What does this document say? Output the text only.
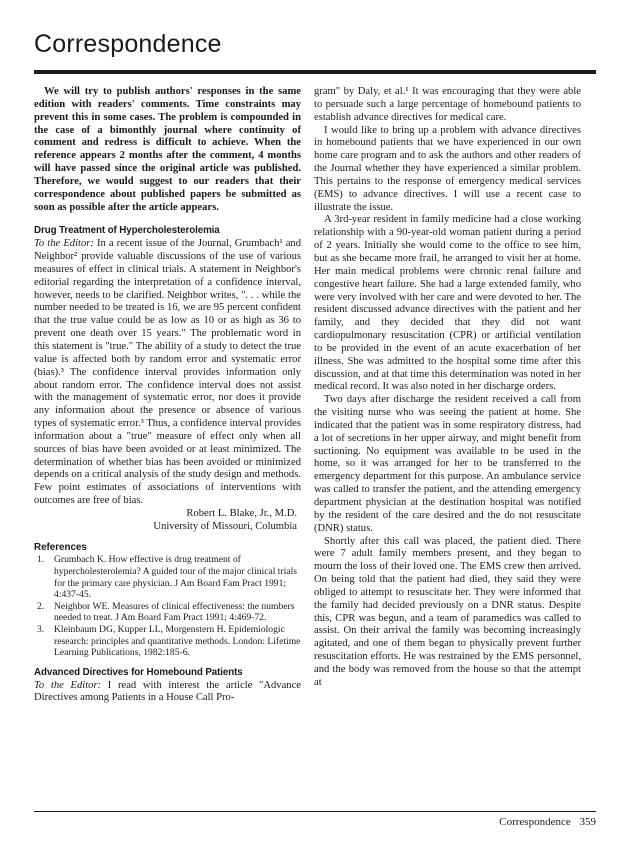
Correspondence

We will try to publish authors' responses in the same edition with readers' comments. Time constraints may prevent this in some cases. The problem is compounded in the case of a bimonthly journal where continuity of comment and redress is difficult to achieve. When the reference appears 2 months after the comment, 4 months will have passed since the original article was published. Therefore, we would suggest to our readers that their correspondence about published papers be submitted as soon as possible after the article appears.

Drug Treatment of Hypercholesterolemia

To the Editor: In a recent issue of the Journal, Grumbach¹ and Neighbor² provide valuable discussions of the use of various measures of effect in clinical trials. A statement in Neighbor's editorial regarding the interpretation of a confidence interval, however, needs to be clarified. Neighbor writes, ". . . while the number needed to be treated is 16, we are 95 percent confident that the true value could be as low as 10 or as high as 36 to prevent one death over 15 years." The problematic word in this statement is "true." The ability of a study to detect the true value is affected both by random error and systematic error (bias).³ The confidence interval provides information only about random error. The confidence interval does not assist with the management of systematic error, nor does it provide any information about the presence or absence of various types of systematic error.³ Thus, a confidence interval provides information about a "true" measure of effect only when all sources of bias have been avoided or at least minimized. The determination of whether bias has been avoided or minimized depends on a critical analysis of the study design and methods. Few point estimates of associations of interventions with outcomes are free of bias.

Robert L. Blake, Jr., M.D.
University of Missouri, Columbia
References
1. Grumbach K. How effective is drug treatment of hypercholesterolemia? A guided tour of the major clinical trials for the primary care physician. J Am Board Fam Pract 1991; 4:437-45.
2. Neighbor WE. Measures of clinical effectiveness: the numbers needed to treat. J Am Board Fam Pract 1991; 4:469-72.
3. Kleinbaum DG, Kupper LL, Morgenstern H. Epidemiologic research: principles and quantitative methods. London: Lifetime Learning Publications, 1982:185-6.
Advanced Directives for Homebound Patients

To the Editor: I read with interest the article "Advance Directives among Patients in a House Call Pro-

gram" by Daly, et al.¹ It was encouraging that they were able to persuade such a large percentage of homebound patients to establish advance directives for medical care.

I would like to bring up a problem with advance directives in homebound patients that we have experienced in our own home care program and to ask the authors and other readers of the Journal whether they have experienced a similar problem. This pertains to the response of emergency medical services (EMS) to advance directives. I will use a recent case to illustrate the issue.

A 3rd-year resident in family medicine had a close working relationship with a 90-year-old woman patient during a period of 2 years. Initially she would come to the office to see him, but as she became more frail, he arranged to visit her at home. Her main medical problems were chronic renal failure and congestive heart failure. She had a large extended family, who were very involved with her care and were devoted to her. The resident discussed advance directives with the patient and her family, and they decided that they did not want cardiopulmonary resuscitation (CPR) or artificial ventilation to be provided in the event of an acute exacerbation of her illness. She was admitted to the hospital some time after this discussion, and at that time this determination was noted in her medical record. It was also noted in her discharge orders.

Two days after discharge the resident received a call from the visiting nurse who was seeing the patient at home. She indicated that the patient was in some respiratory distress, had a lot of secretions in her upper airway, and might benefit from suctioning. No equipment was available to be used in the home, so it was arranged for her to be transferred to the emergency department for this purpose. An ambulance service was called to transfer the patient, and the attending emergency department physician at the destination hospital was notified by the resident of the care desired and the do not resuscitate (DNR) status.

Shortly after this call was placed, the patient died. There were 7 adult family members present, and they began to mourn the loss of their loved one. The EMS crew then arrived. On being told that the patient had died, they said they were obliged to attempt to resuscitate her. They were informed that the family had decided previously on a DNR status. Despite this, CPR was begun, and a team of paramedics was called to assist. On their arrival the family was becoming increasingly agitated, and one of them began to physically prevent further resuscitation efforts. He was restrained by the EMS personnel, and the body was removed from the house so that the attempt at

Correspondence 359
